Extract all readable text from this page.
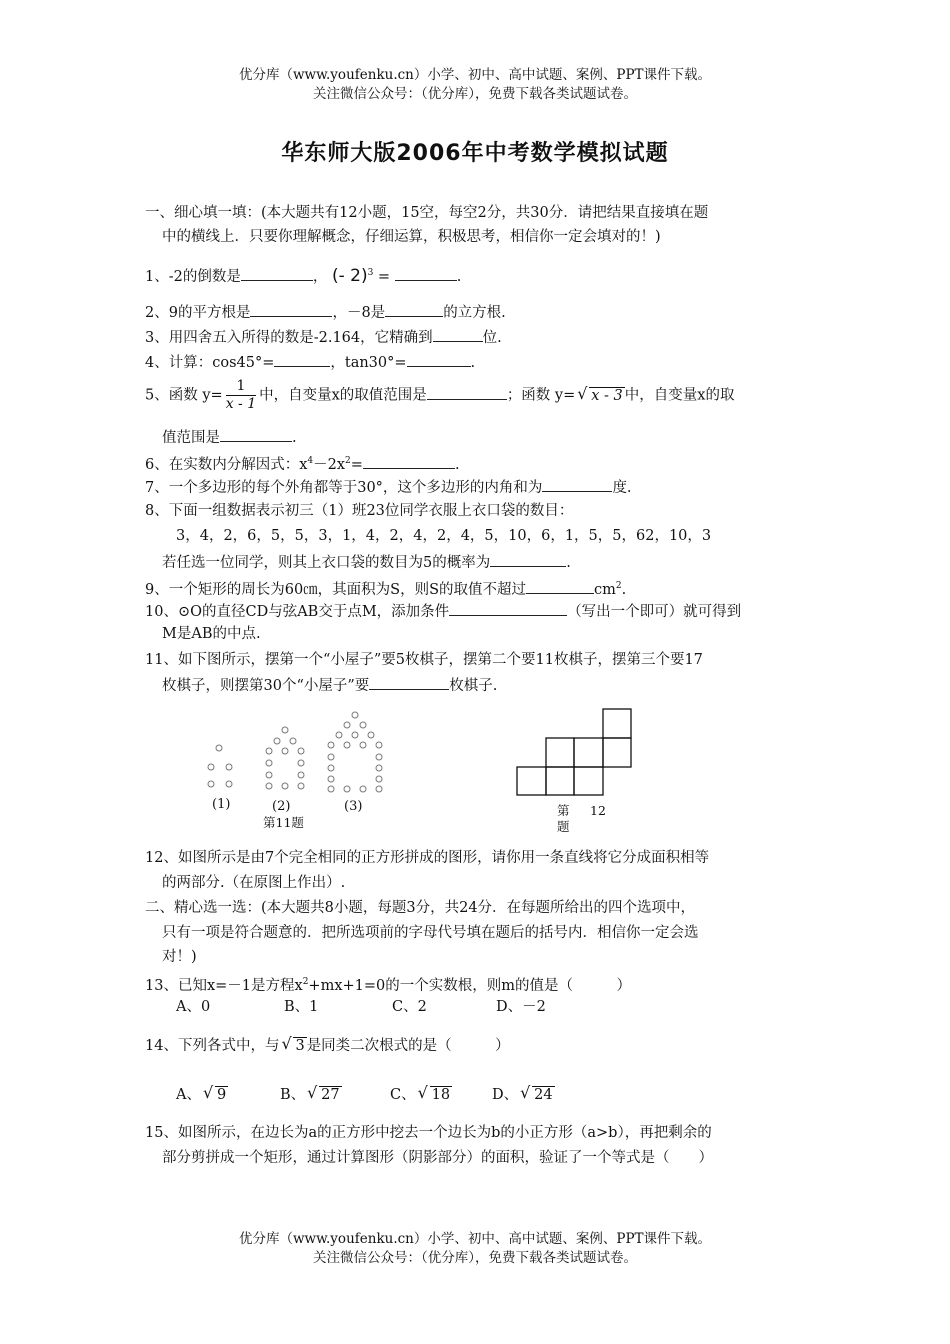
优分库（www.youfenku.cn）小学、初中、高中试题、案例、PPT课件下载。
关注微信公众号：（优分库），免费下载各类试题试卷。
华东师大版2006年中考数学模拟试题
一、细心填一填：(本大题共有12小题，15空，每空2分，共30分．请把结果直接填在题
中的横线上．只要你理解概念，仔细运算，积极思考，相信你一定会填对的！)
1、-2的倒数是	， (- 2)$^3$ =	.
2、9的平方根是	，－8是	的立方根.
3、用四舍五入所得的数是-2.164，它精确到	位.
4、计算：cos45°=	，tan30°=	.
5、函数 $y= \frac{1}{x - 1}$ 中，自变量x的取值范围是	；函数 y= √ x - 3 中，自变量x的取
值范围是	.
6、在实数内分解因式：$x^4-2x^2=$	.
7、一个多边形的每个外角都等于30°，这个多边形的内角和为	度.
8、下面一组数据表示初三（1）班23位同学衣服上衣口袋的数目：
3，4，2，6，5，5，3，1，4，2，4，2，4，5，10，6，1，5，5，62，10，3
若任选一位同学，则其上衣口袋的数目为5的概率为	.
9、一个矩形的周长为60㎝，其面积为S，则S的取值不超过	$cm^2$.
10、⊙O的直径CD与弦AB交于点M，添加条件	（写出一个即可）就可得到
M是AB的中点.
11、如下图所示，摆第一个“小屋子”要5枚棋子，摆第二个要11枚棋子，摆第三个要17
枚棋子，则摆第30个“小屋子”要	枚棋子.
(1)	(2)	(3)
第11题
第 12
题
12、如图所示是由7个完全相同的正方形拼成的图形，请你用一条直线将它分成面积相等
的两部分.（在原图上作出）.
二、精心选一选：(本大题共8小题，每题3分，共24分．在每题所给出的四个选项中，
只有一项是符合题意的．把所选项前的字母代号填在题后的括号内．相信你一定会选
对！)
13、已知x=－1是方程$x^2+mx+1=0$的一个实数根，则m的值是（　　　）
A、0	B、1	C、2	D、－2
14、下列各式中，与 √ 3 是同类二次根式的是（　　　）
A、 √ 9	B、 √ 27	C、 √ 18	D、 √ 24
15、如图所示，在边长为a的正方形中挖去一个边长为b的小正方形（a>b），再把剩余的
部分剪拼成一个矩形，通过计算图形（阴影部分）的面积，验证了一个等式是（　　）
优分库（www.youfenku.cn）小学、初中、高中试题、案例、PPT课件下载。
关注微信公众号：（优分库），免费下载各类试题试卷。
